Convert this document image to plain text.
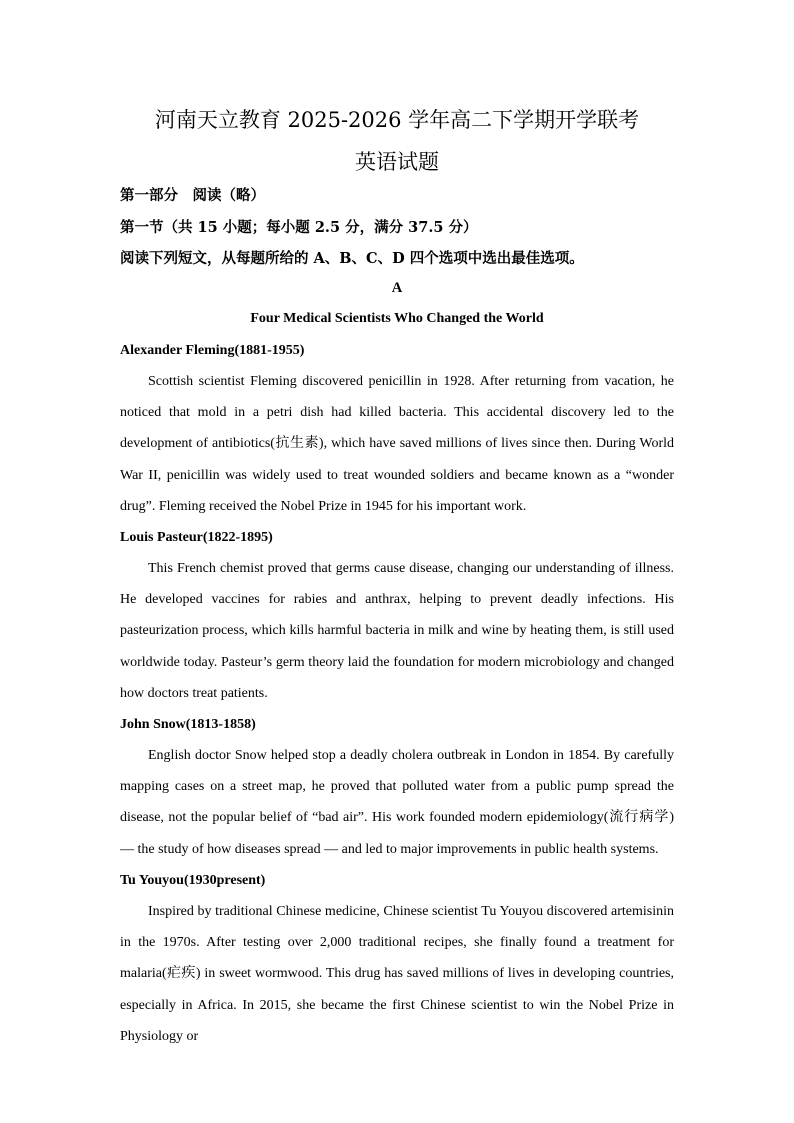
河南天立教育 2025-2026 学年高二下学期开学联考
英语试题
第一部分　阅读（略）
第一节（共 15 小题；每小题 2.5 分，满分 37.5 分）
阅读下列短文，从每题所给的 A、B、C、D 四个选项中选出最佳选项。
A
Four Medical Scientists Who Changed the World
Alexander Fleming(1881-1955)

Scottish scientist Fleming discovered penicillin in 1928. After returning from vacation, he noticed that mold in a petri dish had killed bacteria. This accidental discovery led to the development of antibiotics(抗生素), which have saved millions of lives since then. During World War II, penicillin was widely used to treat wounded soldiers and became known as a “wonder drug”. Fleming received the Nobel Prize in 1945 for his important work.

Louis Pasteur(1822-1895)

This French chemist proved that germs cause disease, changing our understanding of illness. He developed vaccines for rabies and anthrax, helping to prevent deadly infections. His pasteurization process, which kills harmful bacteria in milk and wine by heating them, is still used worldwide today. Pasteur’s germ theory laid the foundation for modern microbiology and changed how doctors treat patients.

John Snow(1813-1858)

English doctor Snow helped stop a deadly cholera outbreak in London in 1854. By carefully mapping cases on a street map, he proved that polluted water from a public pump spread the disease, not the popular belief of “bad air”. His work founded modern epidemiology(流行病学) — the study of how diseases spread — and led to major improvements in public health systems.

Tu Youyou(1930present)

Inspired by traditional Chinese medicine, Chinese scientist Tu Youyou discovered artemisinin in the 1970s. After testing over 2,000 traditional recipes, she finally found a treatment for malaria(疟疾) in sweet wormwood. This drug has saved millions of lives in developing countries, especially in Africa. In 2015, she became the first Chinese scientist to win the Nobel Prize in Physiology or
